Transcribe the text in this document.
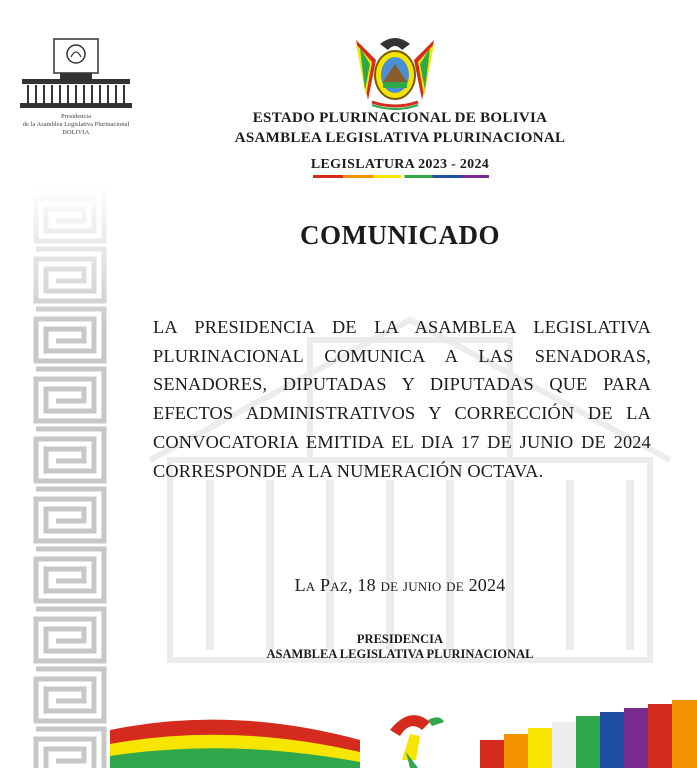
Presidencia
de la Asamblea Legislativa Plurinacional
BOLIVIA
ESTADO PLURINACIONAL DE BOLIVIA
ASAMBLEA LEGISLATIVA PLURINACIONAL
LEGISLATURA 2023 - 2024
COMUNICADO
LA PRESIDENCIA DE LA ASAMBLEA LEGISLATIVA PLURINACIONAL COMUNICA A LAS SENADORAS, SENADORES, DIPUTADAS Y DIPUTADAS QUE PARA EFECTOS ADMINISTRATIVOS Y CORRECCIÓN DE LA CONVOCATORIA EMITIDA EL DIA 17 DE JUNIO DE 2024 CORRESPONDE A LA NUMERACIÓN OCTAVA.
La Paz, 18 de junio de 2024
PRESIDENCIA
ASAMBLEA LEGISLATIVA PLURINACIONAL
